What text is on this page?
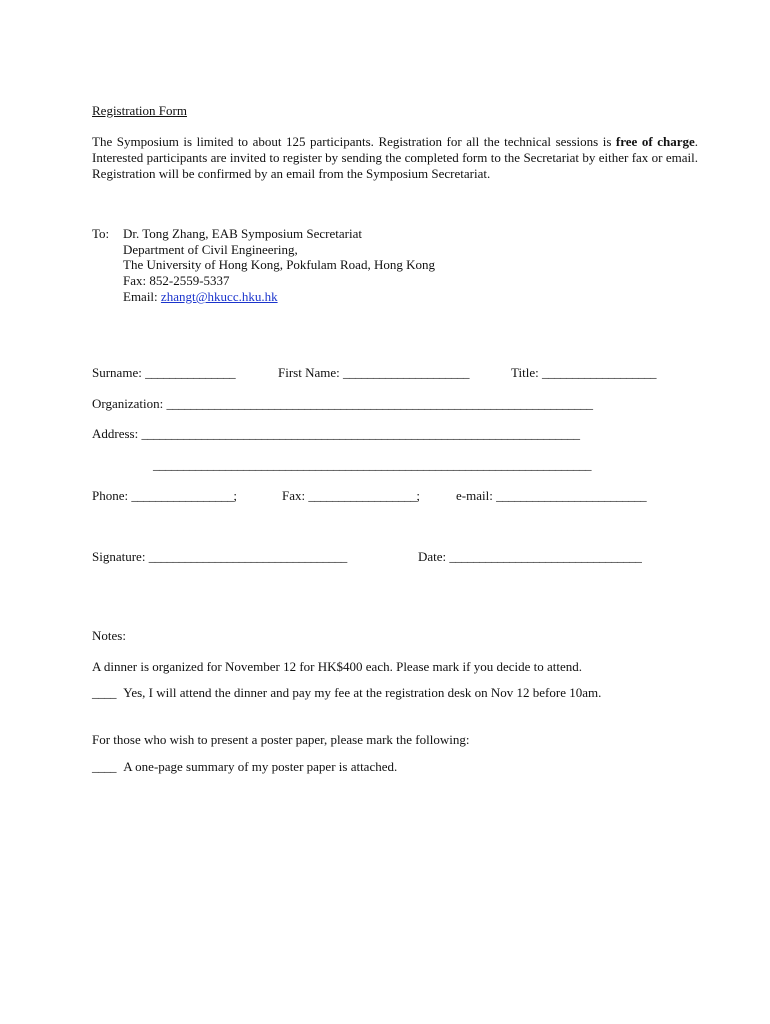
Registration Form
The Symposium is limited to about 125 participants. Registration for all the technical sessions is free of charge. Interested participants are invited to register by sending the completed form to the Secretariat by either fax or email. Registration will be confirmed by an email from the Symposium Secretariat.
To: Dr. Tong Zhang, EAB Symposium Secretariat
Department of Civil Engineering,
The University of Hong Kong, Pokfulam Road, Hong Kong
Fax: 852-2559-5337
Email: zhangt@hkucc.hku.hk
Surname: _______________	First Name: _____________________	Title: ___________________
Organization: _______________________________________________________________________
Address: _________________________________________________________________________
_________________________________________________________________________
Phone: _________________;	Fax: __________________;	e-mail: _________________________
Signature: _________________________________	Date: ________________________________
Notes:
A dinner is organized for November 12 for HK$400 each. Please mark if you decide to attend.
____ Yes, I will attend the dinner and pay my fee at the registration desk on Nov 12 before 10am.
For those who wish to present a poster paper, please mark the following:
____ A one-page summary of my poster paper is attached.
